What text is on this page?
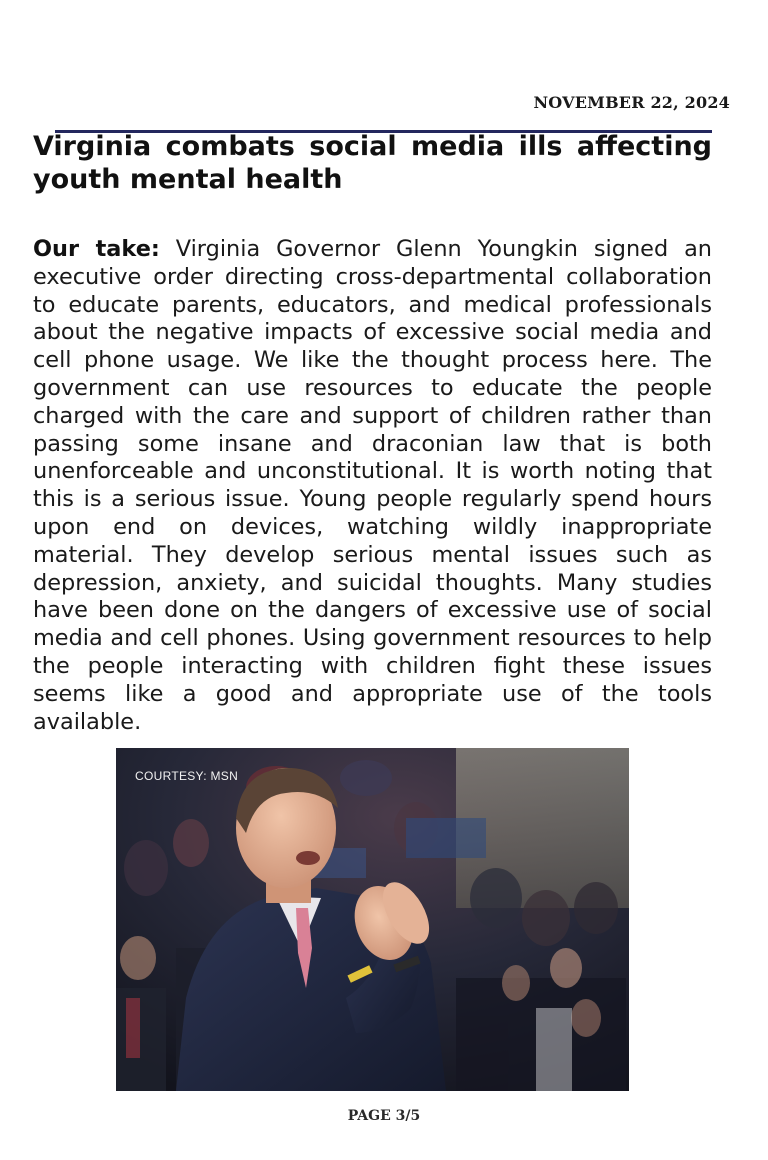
NOVEMBER 22, 2024
Virginia combats social media ills affecting youth mental health

Our take: Virginia Governor Glenn Youngkin signed an executive order directing cross-departmental collaboration to educate parents, educators, and medical professionals about the negative impacts of excessive social media and cell phone usage. We like the thought process here. The government can use resources to educate the people charged with the care and support of children rather than passing some insane and draconian law that is both unenforceable and unconstitutional. It is worth noting that this is a serious issue. Young people regularly spend hours upon end on devices, watching wildly inappropriate material. They develop serious mental issues such as depression, anxiety, and suicidal thoughts. Many studies have been done on the dangers of excessive use of social media and cell phones. Using government resources to help the people interacting with children fight these issues seems like a good and appropriate use of the tools available.

COURTESY: MSN
PAGE 3/5
